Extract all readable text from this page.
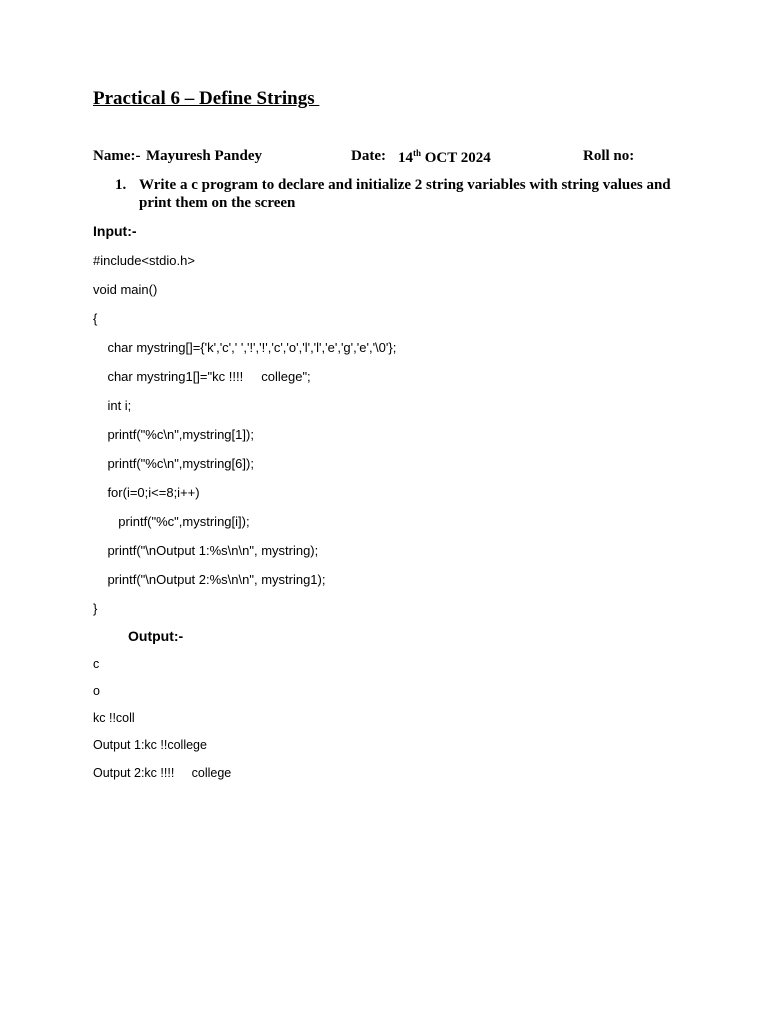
Practical 6 – Define Strings
Name:- Mayuresh Pandey	Date: 14th OCT 2024	Roll no:
1. Write a c program to declare and initialize 2 string variables with string values and print them on the screen
Input:-
#include<stdio.h>
void main()
{
char mystring[]={'k','c',' ','!','!','c','o','l','l','e','g','e','\0'};
char mystring1[]="kc !!!!     college";
int i;
printf("%c\n",mystring[1]);
printf("%c\n",mystring[6]);
for(i=0;i<=8;i++)
printf("%c",mystring[i]);
printf("\nOutput 1:%s\n\n", mystring);
printf("\nOutput 2:%s\n\n", mystring1);
}
Output:-
c
o
kc !!coll
Output 1:kc !!college
Output 2:kc !!!!     college
